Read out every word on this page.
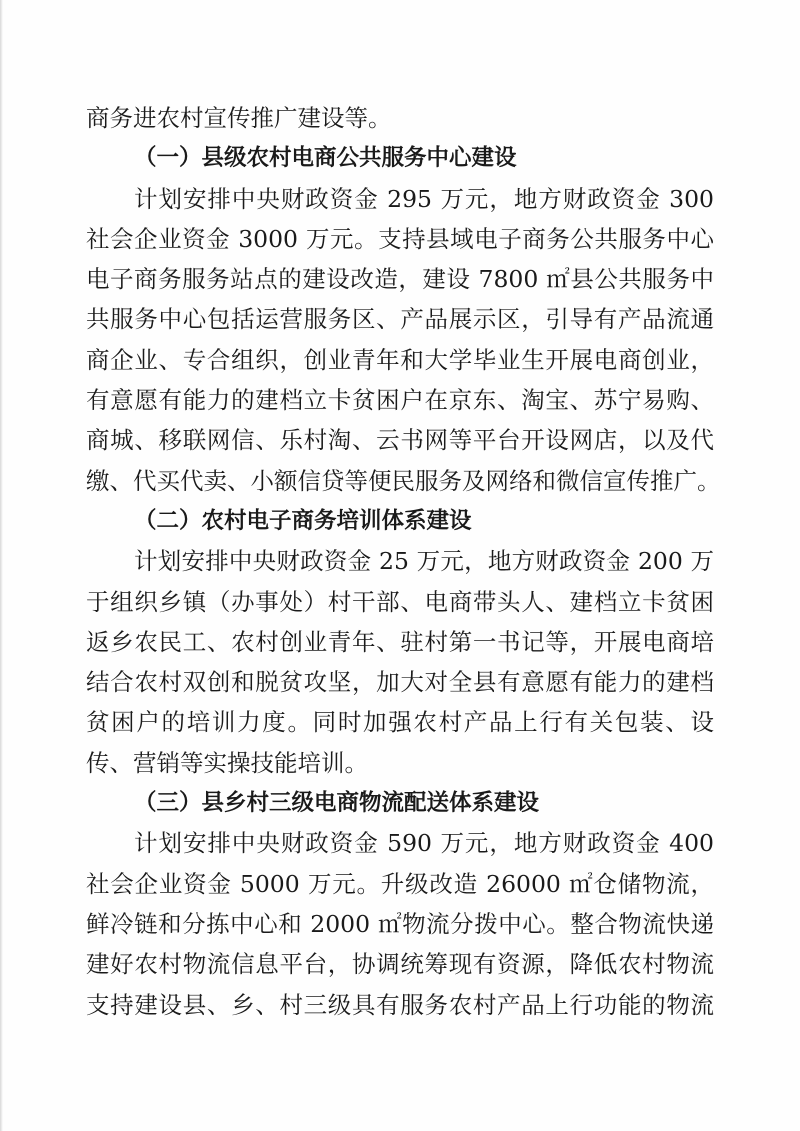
商务进农村宣传推广建设等。
（一）县级农村电商公共服务中心建设
计划安排中央财政资金 295 万元，地方财政资金 300
社会企业资金 3000 万元。支持县域电子商务公共服务中心
电子商务服务站点的建设改造，建设 7800 ㎡县公共服务中
共服务中心包括运营服务区、产品展示区，引导有产品流通
商企业、专合组织，创业青年和大学毕业生开展电商创业，
有意愿有能力的建档立卡贫困户在京东、淘宝、苏宁易购、
商城、移联网信、乐村淘、云书网等平台开设网店，以及代
缴、代买代卖、小额信贷等便民服务及网络和微信宣传推广。
（二）农村电子商务培训体系建设
计划安排中央财政资金 25 万元，地方财政资金 200 万
于组织乡镇（办事处）村干部、电商带头人、建档立卡贫困
返乡农民工、农村创业青年、驻村第一书记等，开展电商培
结合农村双创和脱贫攻坚，加大对全县有意愿有能力的建档
贫困户的培训力度。同时加强农村产品上行有关包装、设
传、营销等实操技能培训。
（三）县乡村三级电商物流配送体系建设
计划安排中央财政资金 590 万元，地方财政资金 400
社会企业资金 5000 万元。升级改造 26000 ㎡仓储物流，
鲜冷链和分拣中心和 2000 ㎡物流分拨中心。整合物流快递
建好农村物流信息平台，协调统筹现有资源，降低农村物流
支持建设县、乡、村三级具有服务农村产品上行功能的物流
